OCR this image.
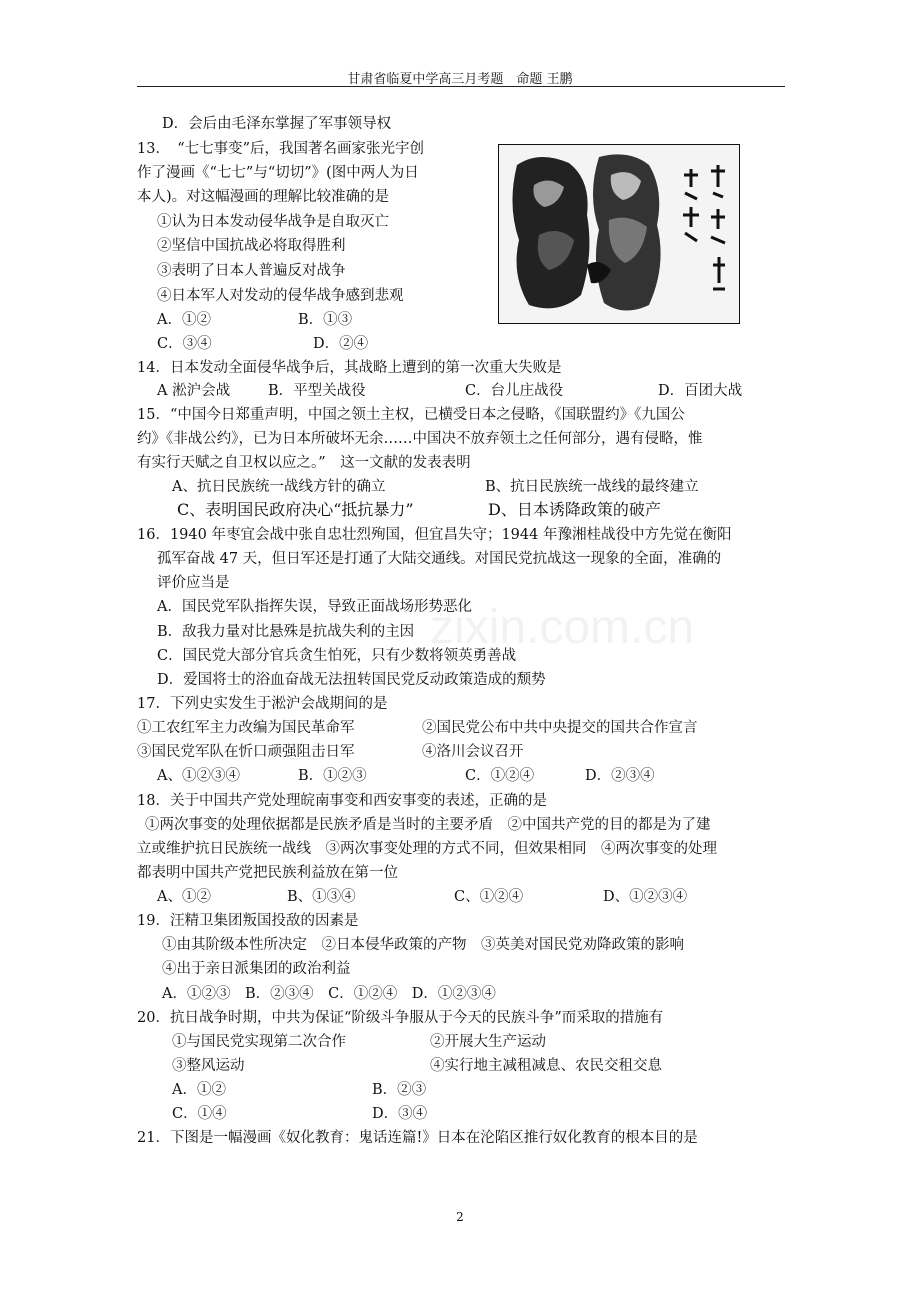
甘肃省临夏中学高三月考题　命题 王鹏
zixin.com.cn
D．会后由毛泽东掌握了军事领导权
13．　“七七事变”后，我国著名画家张光宇创
作了漫画《“七七”与“切切”》(图中两人为日
本人)。对这幅漫画的理解比较准确的是
①认为日本发动侵华战争是自取灭亡
②坚信中国抗战必将取得胜利
③表明了日本人普遍反对战争
④日本军人对发动的侵华战争感到悲观
A．①②	B．①③
C．③④	D．②④
14．日本发动全面侵华战争后，其战略上遭到的第一次重大失败是
A 淞沪会战	B．平型关战役	C．台儿庄战役	D．百团大战
15．“中国今日郑重声明，中国之领土主权，已横受日本之侵略，《国联盟约》《九国公
约》《非战公约》，已为日本所破坏无余……中国决不放弃领土之任何部分，遇有侵略，惟
有实行天赋之自卫权以应之。”　这一文献的发表表明
A、抗日民族统一战线方针的确立	B、抗日民族统一战线的最终建立
C、表明国民政府决心“抵抗暴力”	D、日本诱降政策的破产
16．1940 年枣宜会战中张自忠壮烈殉国，但宜昌失守；1944 年豫湘桂战役中方先觉在衡阳
孤军奋战 47 天，但日军还是打通了大陆交通线。对国民党抗战这一现象的全面，准确的
评价应当是
A．国民党军队指挥失误，导致正面战场形势恶化
B．敌我力量对比悬殊是抗战失利的主因
C．国民党大部分官兵贪生怕死，只有少数将领英勇善战
D．爱国将士的浴血奋战无法扭转国民党反动政策造成的颓势
17．下列史实发生于淞沪会战期间的是
①工农红军主力改编为国民革命军	②国民党公布中共中央提交的国共合作宣言
③国民党军队在忻口顽强阻击日军	④洛川会议召开
A、①②③④	B．①②③	C．①②④	D．②③④
18．关于中国共产党处理皖南事变和西安事变的表述，正确的是
①两次事变的处理依据都是民族矛盾是当时的主要矛盾　②中国共产党的目的都是为了建
立或维护抗日民族统一战线　③两次事变处理的方式不同，但效果相同　④两次事变的处理
都表明中国共产党把民族利益放在第一位
A、①②	B、①③④	C、①②④	D、①②③④
19．汪精卫集团叛国投敌的因素是
①由其阶级本性所决定　②日本侵华政策的产物　③英美对国民党劝降政策的影响
④出于亲日派集团的政治利益
A．①②③　B．②③④　C．①②④　D．①②③④
20．抗日战争时期，中共为保证“阶级斗争服从于今天的民族斗争”而采取的措施有
①与国民党实现第二次合作	②开展大生产运动
③整风运动	④实行地主减租减息、农民交租交息
A．①②	B．②③
C．①④	D．③④
21．下图是一幅漫画《奴化教育：鬼话连篇!》日本在沦陷区推行奴化教育的根本目的是
2
